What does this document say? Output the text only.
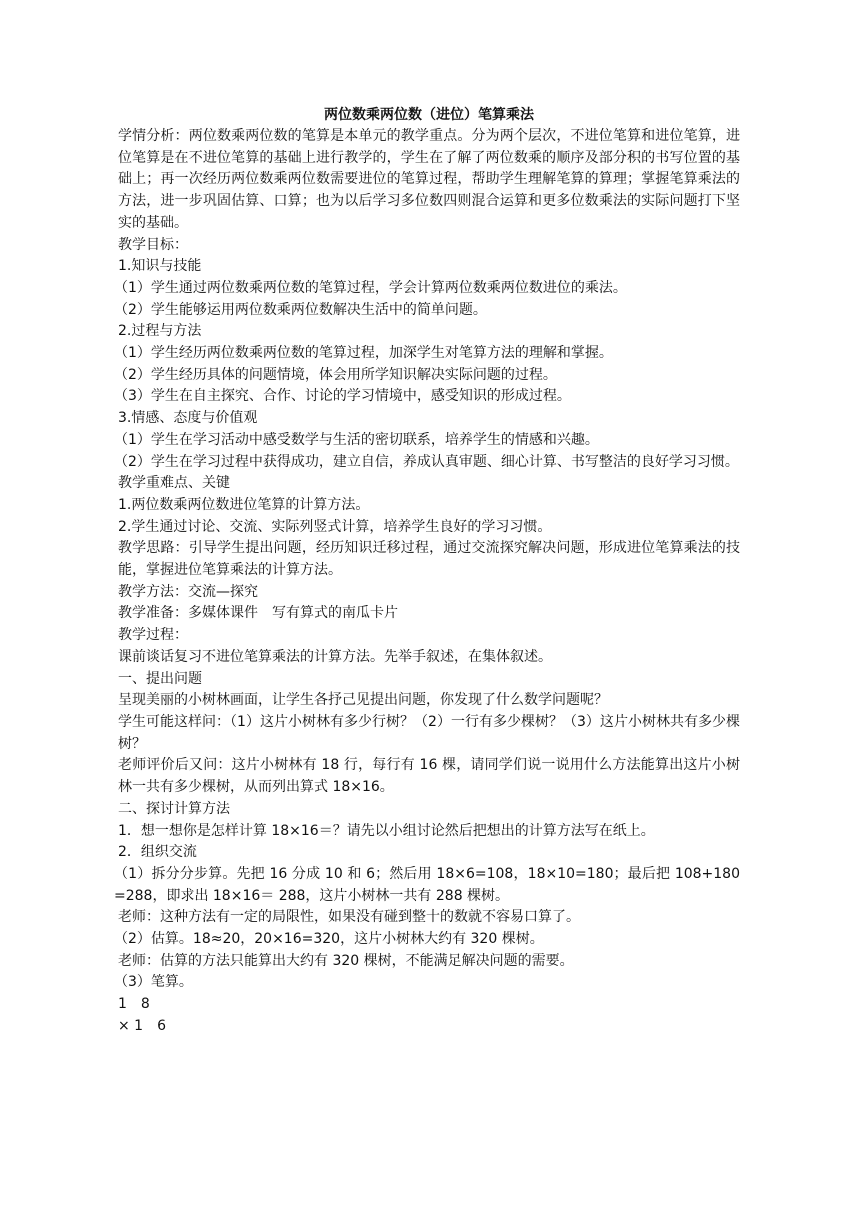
两位数乘两位数（进位）笔算乘法

学情分析：两位数乘两位数的笔算是本单元的教学重点。分为两个层次，不进位笔算和进位笔算，进位笔算是在不进位笔算的基础上进行教学的，学生在了解了两位数乘的顺序及部分积的书写位置的基础上；再一次经历两位数乘两位数需要进位的笔算过程，帮助学生理解笔算的算理；掌握笔算乘法的方法，进一步巩固估算、口算；也为以后学习多位数四则混合运算和更多位数乘法的实际问题打下坚实的基础。

教学目标：

1.知识与技能

（1）学生通过两位数乘两位数的笔算过程，学会计算两位数乘两位数进位的乘法。

（2）学生能够运用两位数乘两位数解决生活中的简单问题。

2.过程与方法

（1）学生经历两位数乘两位数的笔算过程，加深学生对笔算方法的理解和掌握。

（2）学生经历具体的问题情境，体会用所学知识解决实际问题的过程。

（3）学生在自主探究、合作、讨论的学习情境中，感受知识的形成过程。

3.情感、态度与价值观

（1）学生在学习活动中感受数学与生活的密切联系，培养学生的情感和兴趣。

（2）学生在学习过程中获得成功，建立自信，养成认真审题、细心计算、书写整洁的良好学习习惯。

教学重难点、关键

1.两位数乘两位数进位笔算的计算方法。

2.学生通过讨论、交流、实际列竖式计算，培养学生良好的学习习惯。

教学思路：引导学生提出问题，经历知识迁移过程，通过交流探究解决问题，形成进位笔算乘法的技能，掌握进位笔算乘法的计算方法。

教学方法：交流—探究

教学准备：多媒体课件　写有算式的南瓜卡片

教学过程：

课前谈话复习不进位笔算乘法的计算方法。先举手叙述，在集体叙述。

一、提出问题

呈现美丽的小树林画面，让学生各抒己见提出问题，你发现了什么数学问题呢？

学生可能这样问：（1）这片小树林有多少行树？（2）一行有多少棵树？（3）这片小树林共有多少棵树？

老师评价后又问：这片小树林有 18 行，每行有 16 棵，请同学们说一说用什么方法能算出这片小树林一共有多少棵树，从而列出算式 18×16。

二、探讨计算方法

1．想一想你是怎样计算 18×16＝？请先以小组讨论然后把想出的计算方法写在纸上。

2．组织交流

（1）拆分分步算。先把 16 分成 10 和 6；然后用 18×6=108，18×10=180；最后把 108+180=288，即求出 18×16＝ 288，这片小树林一共有 288 棵树。

老师：这种方法有一定的局限性，如果没有碰到整十的数就不容易口算了。

（2）估算。18≈20，20×16=320，这片小树林大约有 320 棵树。

老师：估算的方法只能算出大约有 320 棵树，不能满足解决问题的需要。

（3）笔算。

1　8

× 1　6
